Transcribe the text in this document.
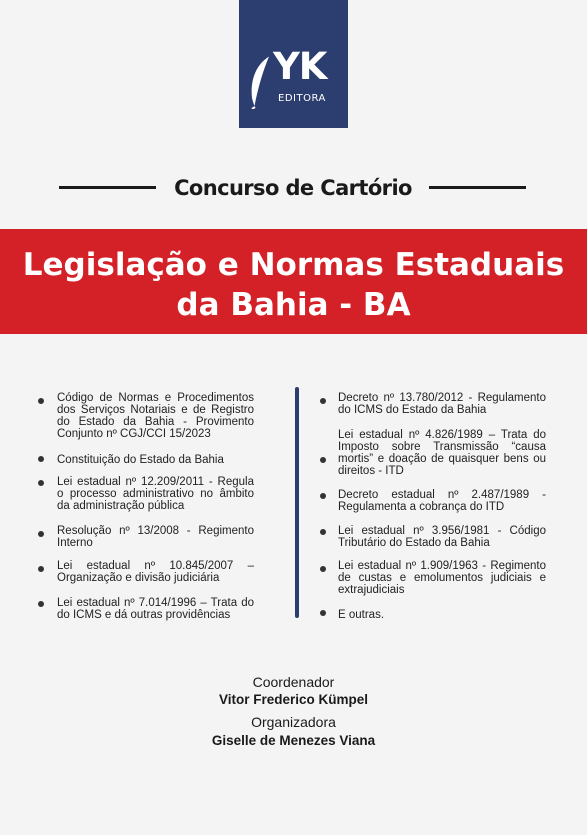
YK
EDITORA
Concurso de Cartório
Legislação e Normas Estaduais
da Bahia - BA
Código de Normas e Procedimentos dos Serviços Notariais e de Registro do Estado da Bahia - Provimento Conjunto nº CGJ/CCI 15/2023
Constituição do Estado da Bahia
Lei estadual nº 12.209/2011 - Regula o processo administrativo no âmbito da administração pública
Resolução nº 13/2008 - Regimento Interno
Lei estadual nº 10.845/2007 – Organização e divisão judiciária
Lei estadual nº 7.014/1996 – Trata do do ICMS e dá outras providências
Decreto nº 13.780/2012 - Regulamento do ICMS do Estado da Bahia
Lei estadual nº 4.826/1989 – Trata do Imposto sobre Transmissão “causa mortis” e doação de quaisquer bens ou direitos - ITD
Decreto estadual nº 2.487/1989 - Regulamenta a cobrança do ITD
Lei estadual nº 3.956/1981 - Código Tributário do Estado da Bahia
Lei estadual nº 1.909/1963 - Regimento de custas e emolumentos judiciais e extrajudiciais
E outras.
Coordenador
Vitor Frederico Kümpel
Organizadora
Giselle de Menezes Viana
